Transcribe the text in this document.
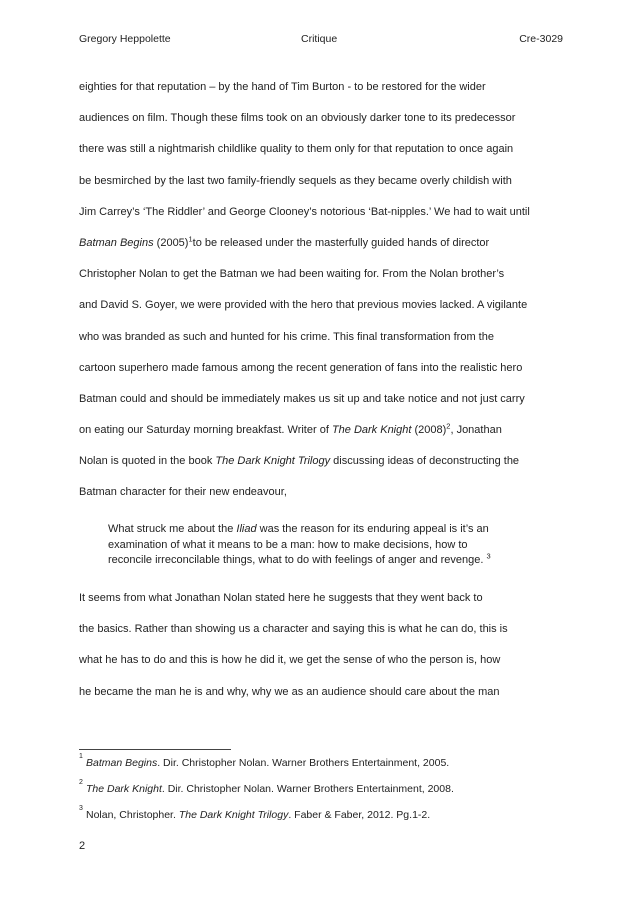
Gregory Heppolette	Critique	Cre-3029
eighties for that reputation – by the hand of Tim Burton - to be restored for the wider
audiences on film. Though these films took on an obviously darker tone to its predecessor
there was still a nightmarish childlike quality to them only for that reputation to once again
be besmirched by the last two family-friendly sequels as they became overly childish with
Jim Carrey’s ‘The Riddler’ and George Clooney’s notorious ‘Bat-nipples.’ We had to wait until
Batman Begins $(2005)^1to$ be released under the masterfully guided hands of director
Christopher Nolan to get the Batman we had been waiting for. From the Nolan brother’s
and David S. Goyer, we were provided with the hero that previous movies lacked. A vigilante
who was branded as such and hunted for his crime. This final transformation from the
cartoon superhero made famous among the recent generation of fans into the realistic hero
Batman could and should be immediately makes us sit up and take notice and not just carry
on eating our Saturday morning breakfast. Writer of The Dark Knight $(2008)^2$, Jonathan
Nolan is quoted in the book The Dark Knight Trilogy discussing ideas of deconstructing the
Batman character for their new endeavour,
What struck me about the Iliad was the reason for its enduring appeal is it’s an
examination of what it means to be a man: how to make decisions, how to
reconcile irreconcilable things, what to do with feelings of anger and revenge. $^3$
It seems from what Jonathan Nolan stated here he suggests that they went back to
the basics. Rather than showing us a character and saying this is what he can do, this is
what he has to do and this is how he did it, we get the sense of who the person is, how
he became the man he is and why, why we as an audience should care about the man
1
Batman Begins. Dir. Christopher Nolan. Warner Brothers Entertainment, 2005.
2
The Dark Knight. Dir. Christopher Nolan. Warner Brothers Entertainment, 2008.
3
Nolan, Christopher. The Dark Knight Trilogy. Faber & Faber, 2012. Pg.1-2.
2
